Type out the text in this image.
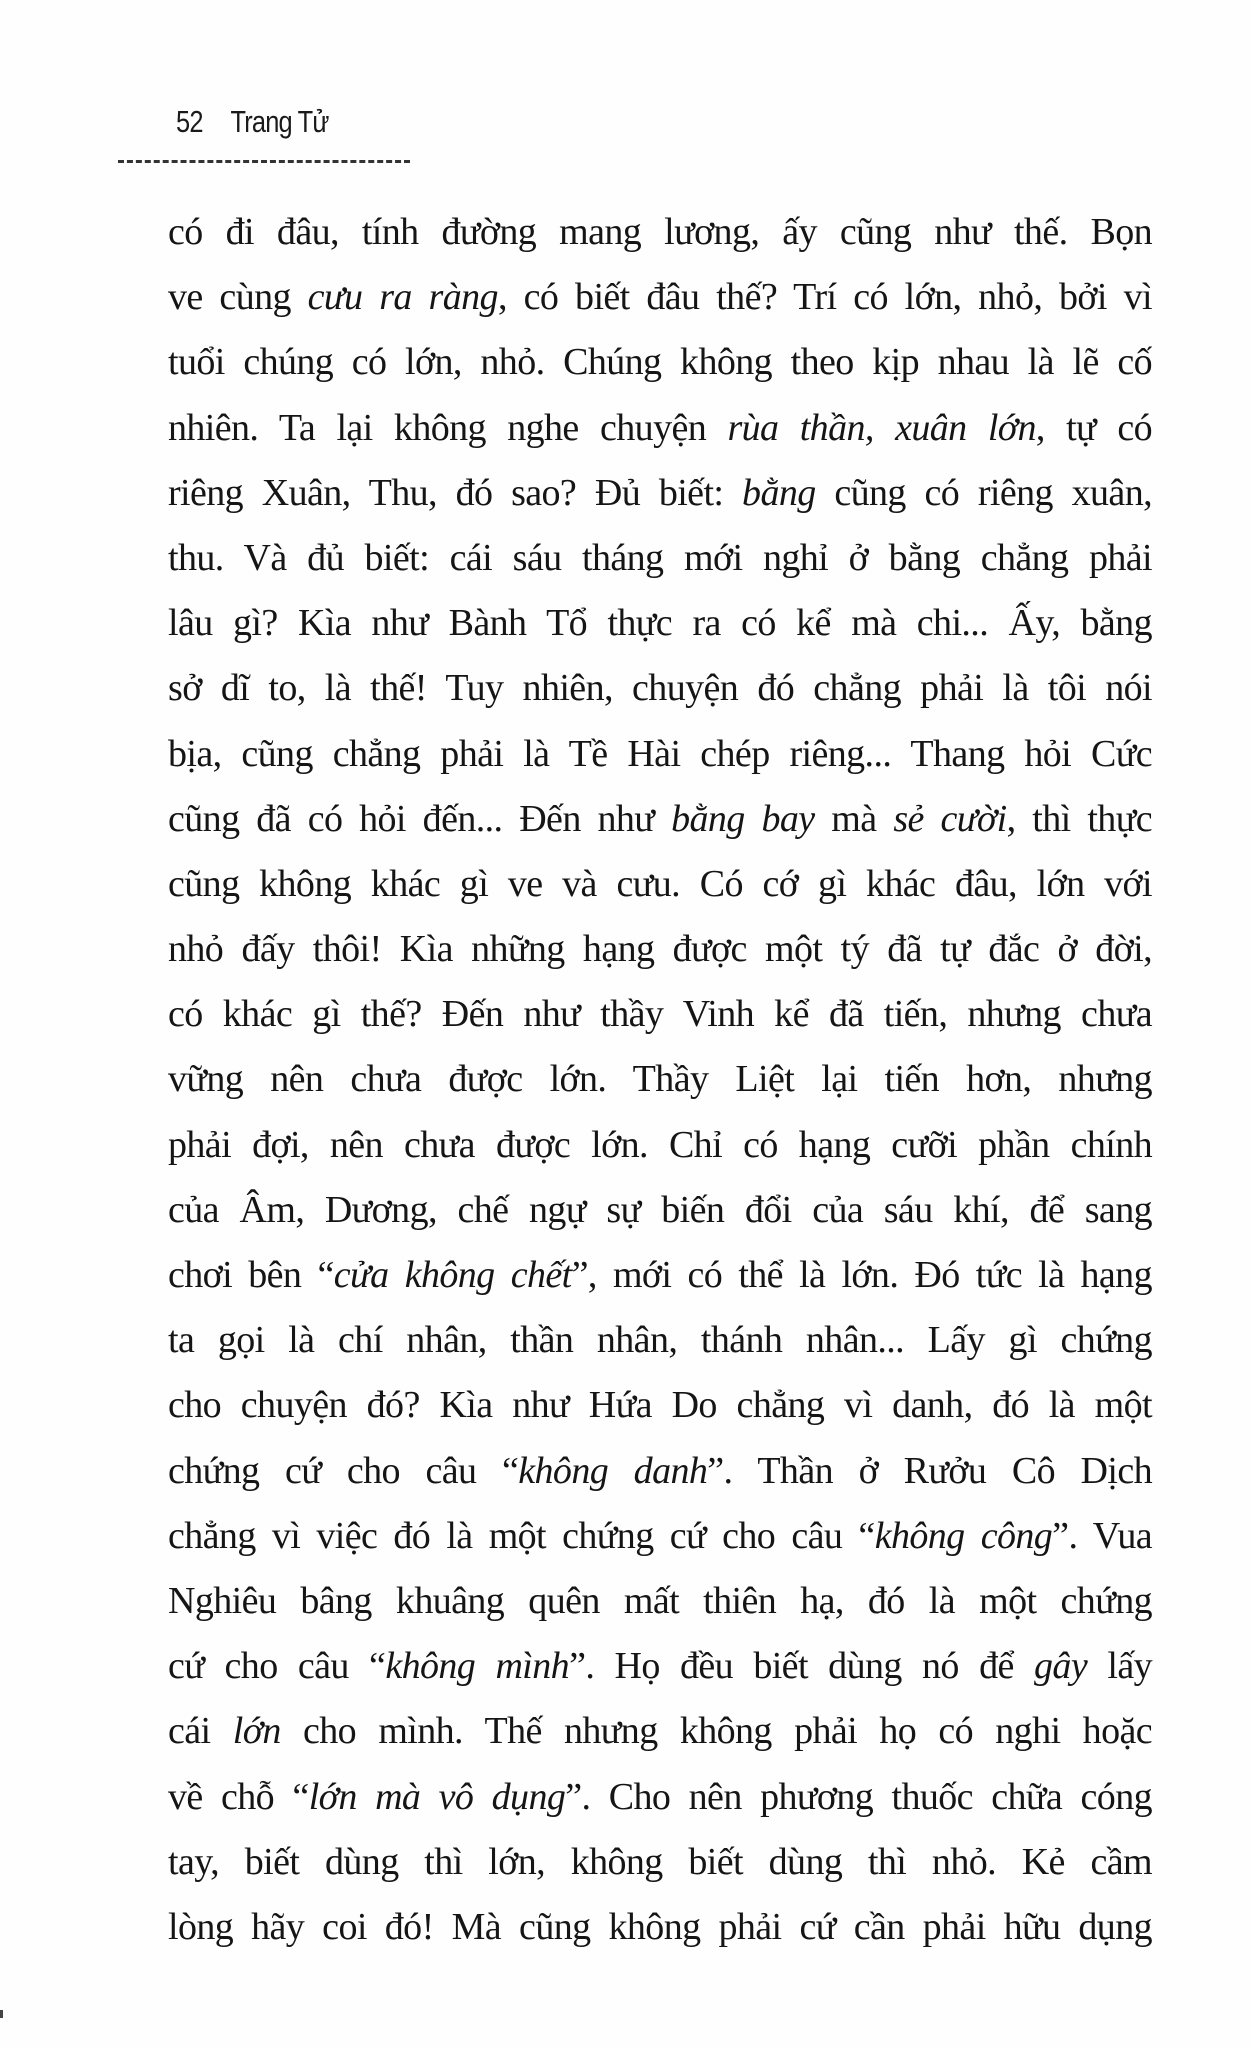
52 Trang Tử
có đi đâu, tính đường mang lương, ấy cũng như thế. Bọn
ve cùng cưu ra ràng, có biết đâu thế? Trí có lớn, nhỏ, bởi vì
tuổi chúng có lớn, nhỏ. Chúng không theo kịp nhau là lẽ cố
nhiên. Ta lại không nghe chuyện rùa thần, xuân lớn, tự có
riêng Xuân, Thu, đó sao? Đủ biết: bằng cũng có riêng xuân,
thu. Và đủ biết: cái sáu tháng mới nghỉ ở bằng chẳng phải
lâu gì? Kìa như Bành Tổ thực ra có kể mà chi... Ấy, bằng
sở dĩ to, là thế! Tuy nhiên, chuyện đó chẳng phải là tôi nói
bịa, cũng chẳng phải là Tề Hài chép riêng... Thang hỏi Cức
cũng đã có hỏi đến... Đến như bằng bay mà sẻ cười, thì thực
cũng không khác gì ve và cưu. Có cớ gì khác đâu, lớn với
nhỏ đấy thôi! Kìa những hạng được một tý đã tự đắc ở đời,
có khác gì thế? Đến như thầy Vinh kể đã tiến, nhưng chưa
vững nên chưa được lớn. Thầy Liệt lại tiến hơn, nhưng
phải đợi, nên chưa được lớn. Chỉ có hạng cưỡi phần chính
của Âm, Dương, chế ngự sự biến đổi của sáu khí, để sang
chơi bên “cửa không chết”, mới có thể là lớn. Đó tức là hạng
ta gọi là chí nhân, thần nhân, thánh nhân... Lấy gì chứng
cho chuyện đó? Kìa như Hứa Do chẳng vì danh, đó là một
chứng cứ cho câu “không danh”. Thần ở Rưởu Cô Dịch
chẳng vì việc đó là một chứng cứ cho câu “không công”. Vua
Nghiêu bâng khuâng quên mất thiên hạ, đó là một chứng
cứ cho câu “không mình”. Họ đều biết dùng nó để gây lấy
cái lớn cho mình. Thế nhưng không phải họ có nghi hoặc
về chỗ “lớn mà vô dụng”. Cho nên phương thuốc chữa cóng
tay, biết dùng thì lớn, không biết dùng thì nhỏ. Kẻ cầm
lòng hãy coi đó! Mà cũng không phải cứ cần phải hữu dụng
